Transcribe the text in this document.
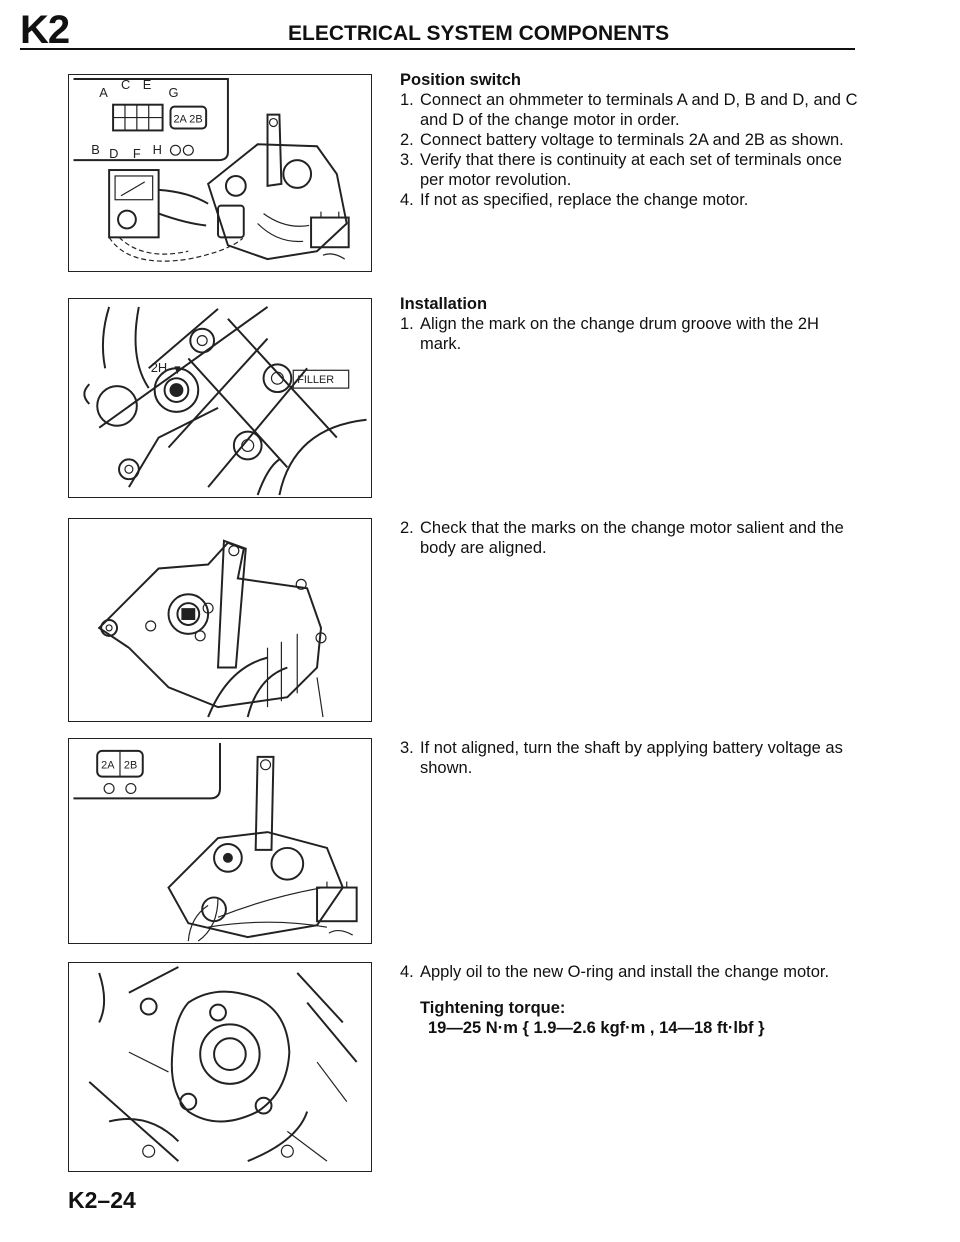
K2	ELECTRICAL SYSTEM COMPONENTS
A
C E
G
2A 2B
B D F H
2H
FILLER
2A 2B
Position switch
1. Connect an ohmmeter to terminals A and D, B and D, and C and D of the change motor in order.
2. Connect battery voltage to terminals 2A and 2B as shown.
3. Verify that there is continuity at each set of terminals once per motor revolution.
4. If not as specified, replace the change motor.
Installation
1. Align the mark on the change drum groove with the 2H mark.
2. Check that the marks on the change motor salient and the body are aligned.
3. If not aligned, turn the shaft by applying battery voltage as shown.
4. Apply oil to the new O-ring and install the change motor.
Tightening torque:
19—25 N·m { 1.9—2.6 kgf·m , 14—18 ft·lbf }
K2–24
